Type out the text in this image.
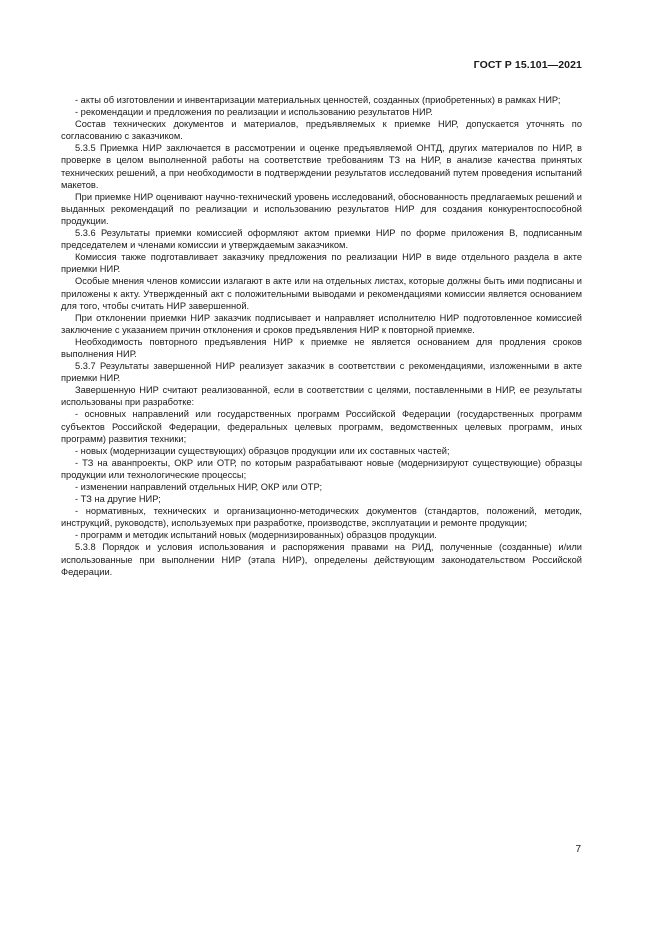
ГОСТ Р 15.101—2021

- акты об изготовлении и инвентаризации материальных ценностей, созданных (приобретенных) в рамках НИР;

- рекомендации и предложения по реализации и использованию результатов НИР.

Состав технических документов и материалов, предъявляемых к приемке НИР, допускается уточнять по согласованию с заказчиком.

5.3.5 Приемка НИР заключается в рассмотрении и оценке предъявляемой ОНТД, других материалов по НИР, в проверке в целом выполненной работы на соответствие требованиям ТЗ на НИР, в анализе качества принятых технических решений, а при необходимости в подтверждении результатов исследований путем проведения испытаний макетов.

При приемке НИР оценивают научно-технический уровень исследований, обоснованность предлагаемых решений и выданных рекомендаций по реализации и использованию результатов НИР для создания конкурентоспособной продукции.

5.3.6 Результаты приемки комиссией оформляют актом приемки НИР по форме приложения В, подписанным председателем и членами комиссии и утверждаемым заказчиком.

Комиссия также подготавливает заказчику предложения по реализации НИР в виде отдельного раздела в акте приемки НИР.

Особые мнения членов комиссии излагают в акте или на отдельных листах, которые должны быть ими подписаны и приложены к акту. Утвержденный акт с положительными выводами и рекомендациями комиссии является основанием для того, чтобы считать НИР завершенной.

При отклонении приемки НИР заказчик подписывает и направляет исполнителю НИР подготовленное комиссией заключение с указанием причин отклонения и сроков предъявления НИР к повторной приемке.

Необходимость повторного предъявления НИР к приемке не является основанием для продления сроков выполнения НИР.

5.3.7 Результаты завершенной НИР реализует заказчик в соответствии с рекомендациями, изложенными в акте приемки НИР.

Завершенную НИР считают реализованной, если в соответствии с целями, поставленными в НИР, ее результаты использованы при разработке:

- основных направлений или государственных программ Российской Федерации (государственных программ субъектов Российской Федерации, федеральных целевых программ, ведомственных целевых программ, иных программ) развития техники;

- новых (модернизации существующих) образцов продукции или их составных частей;

- ТЗ на аванпроекты, ОКР или ОТР, по которым разрабатывают новые (модернизируют существующие) образцы продукции или технологические процессы;

- изменении направлений отдельных НИР, ОКР или ОТР;

- ТЗ на другие НИР;

- нормативных, технических и организационно-методических документов (стандартов, положений, методик, инструкций, руководств), используемых при разработке, производстве, эксплуатации и ремонте продукции;

- программ и методик испытаний новых (модернизированных) образцов продукции.

5.3.8 Порядок и условия использования и распоряжения правами на РИД, полученные (созданные) и/или использованные при выполнении НИР (этапа НИР), определены действующим законодательством Российской Федерации.

7
